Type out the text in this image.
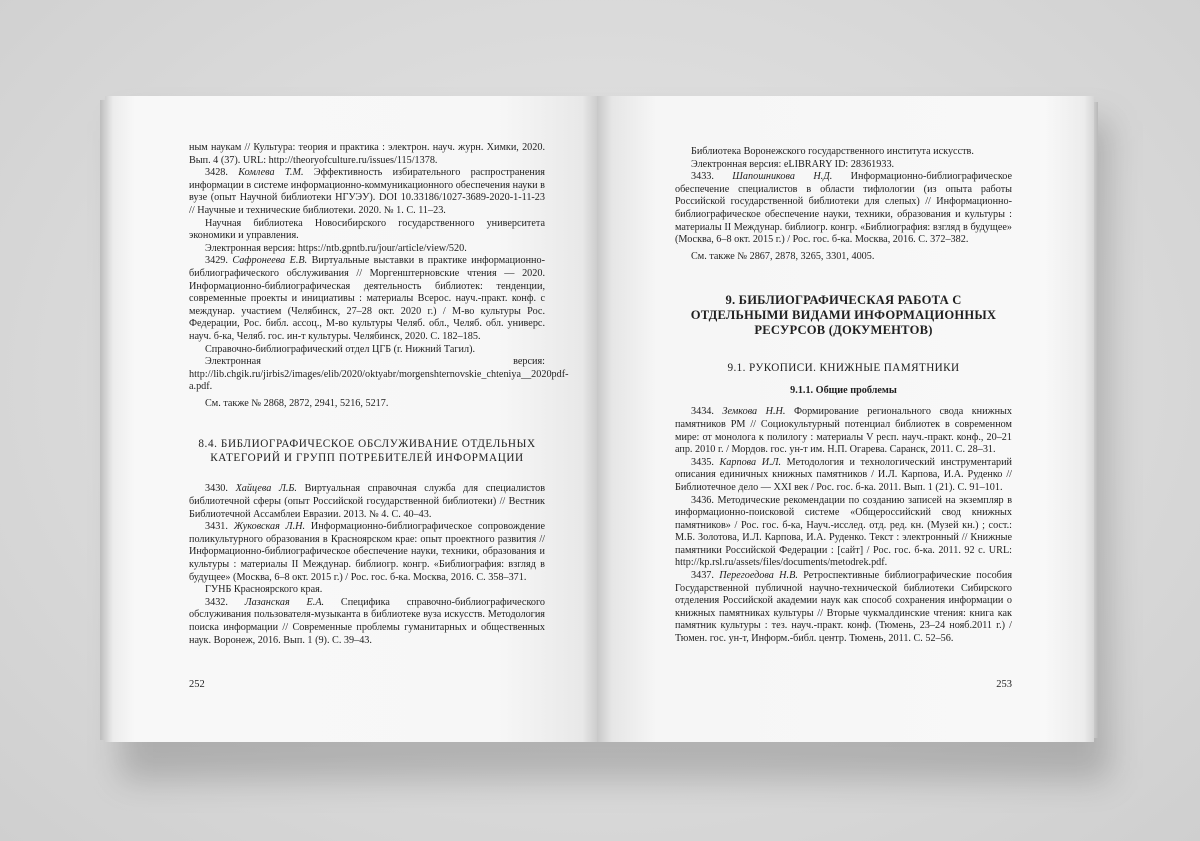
ным наукам // Культура: теория и практика : электрон. науч. журн. Химки, 2020. Вып. 4 (37). URL: http://theoryofculture.ru/issues/115/1378.

3428. Комлева Т.М. Эффективность избирательного распространения информации в системе информационно-коммуникационного обеспечения науки в вузе (опыт Научной библиотеки НГУЭУ). DOI 10.33186/1027-3689-2020-1-11-23 // Научные и технические библиотеки. 2020. № 1. С. 11–23.

Научная библиотека Новосибирского государственного университета экономики и управления.

Электронная версия: https://ntb.gpntb.ru/jour/article/view/520.

3429. Сафронеева Е.В. Виртуальные выставки в практике информационно-библиографического обслуживания // Моргенштерновские чтения — 2020. Информационно-библиографическая деятельность библиотек: тенденции, современные проекты и инициативы : материалы Всерос. науч.-практ. конф. с междунар. участием (Челябинск, 27–28 окт. 2020 г.) / М-во культуры Рос. Федерации, Рос. библ. ассоц., М-во культуры Челяб. обл., Челяб. обл. универс. науч. б-ка, Челяб. гос. ин-т культуры. Челябинск, 2020. С. 182–185.

Справочно-библиографический отдел ЦГБ (г. Нижний Тагил).

Электронная версия: http://lib.chgik.ru/jirbis2/images/elib/2020/oktyabr/morgenshternovskie_chteniya__2020pdf-a.pdf.

См. также № 2868, 2872, 2941, 5216, 5217.

8.4. БИБЛИОГРАФИЧЕСКОЕ ОБСЛУЖИВАНИЕ ОТДЕЛЬНЫХ КАТЕГОРИЙ И ГРУПП ПОТРЕБИТЕЛЕЙ ИНФОРМАЦИИ

3430. Хайцева Л.Б. Виртуальная справочная служба для специалистов библиотечной сферы (опыт Российской государственной библиотеки) // Вестник Библиотечной Ассамблеи Евразии. 2013. № 4. С. 40–43.

3431. Жуковская Л.Н. Информационно-библиографическое сопровождение поликультурного образования в Красноярском крае: опыт проектного развития // Информационно-библиографическое обеспечение науки, техники, образования и культуры : материалы II Междунар. библиогр. конгр. «Библиография: взгляд в будущее» (Москва, 6–8 окт. 2015 г.) / Рос. гос. б-ка. Москва, 2016. С. 358–371.

ГУНБ Красноярского края.

3432. Лазанская Е.А. Специфика справочно-библиографического обслуживания пользователя-музыканта в библиотеке вуза искусств. Методология поиска информации // Современные проблемы гуманитарных и общественных наук. Воронеж, 2016. Вып. 1 (9). С. 39–43.

252

Библиотека Воронежского государственного института искусств.

Электронная версия: eLIBRARY ID: 28361933.

3433. Шапошникова Н.Д. Информационно-библиографическое обеспечение специалистов в области тифлологии (из опыта работы Российской государственной библиотеки для слепых) // Информационно-библиографическое обеспечение науки, техники, образования и культуры : материалы II Междунар. библиогр. конгр. «Библиография: взгляд в будущее» (Москва, 6–8 окт. 2015 г.) / Рос. гос. б-ка. Москва, 2016. С. 372–382.

См. также № 2867, 2878, 3265, 3301, 4005.

9. БИБЛИОГРАФИЧЕСКАЯ РАБОТА С ОТДЕЛЬНЫМИ ВИДАМИ ИНФОРМАЦИОННЫХ РЕСУРСОВ (ДОКУМЕНТОВ)
9.1. РУКОПИСИ. КНИЖНЫЕ ПАМЯТНИКИ
9.1.1. Общие проблемы

3434. Земкова Н.Н. Формирование регионального свода книжных памятников РМ // Социокультурный потенциал библиотек в современном мире: от монолога к полилогу : материалы V респ. науч.-практ. конф., 20–21 апр. 2010 г. / Мордов. гос. ун-т им. Н.П. Огарева. Саранск, 2011. С. 28–31.

3435. Карпова И.Л. Методология и технологический инструментарий описания единичных книжных памятников / И.Л. Карпова, И.А. Руденко // Библиотечное дело — XXI век / Рос. гос. б-ка. 2011. Вып. 1 (21). С. 91–101.

3436. Методические рекомендации по созданию записей на экземпляр в информационно-поисковой системе «Общероссийский свод книжных памятников» / Рос. гос. б-ка, Науч.-исслед. отд. ред. кн. (Музей кн.) ; сост.: М.Б. Золотова, И.Л. Карпова, И.А. Руденко. Текст : электронный // Книжные памятники Российской Федерации : [сайт] / Рос. гос. б-ка. 2011. 92 с. URL: http://kp.rsl.ru/assets/files/documents/metodrek.pdf.

3437. Перегоедова Н.В. Ретроспективные библиографические пособия Государственной публичной научно-технической библиотеки Сибирского отделения Российской академии наук как способ сохранения информации о книжных памятниках культуры // Вторые чукмалдинские чтения: книга как памятник культуры : тез. науч.-практ. конф. (Тюмень, 23–24 нояб.2011 г.) / Тюмен. гос. ун-т, Информ.-библ. центр. Тюмень, 2011. С. 52–56.

253
